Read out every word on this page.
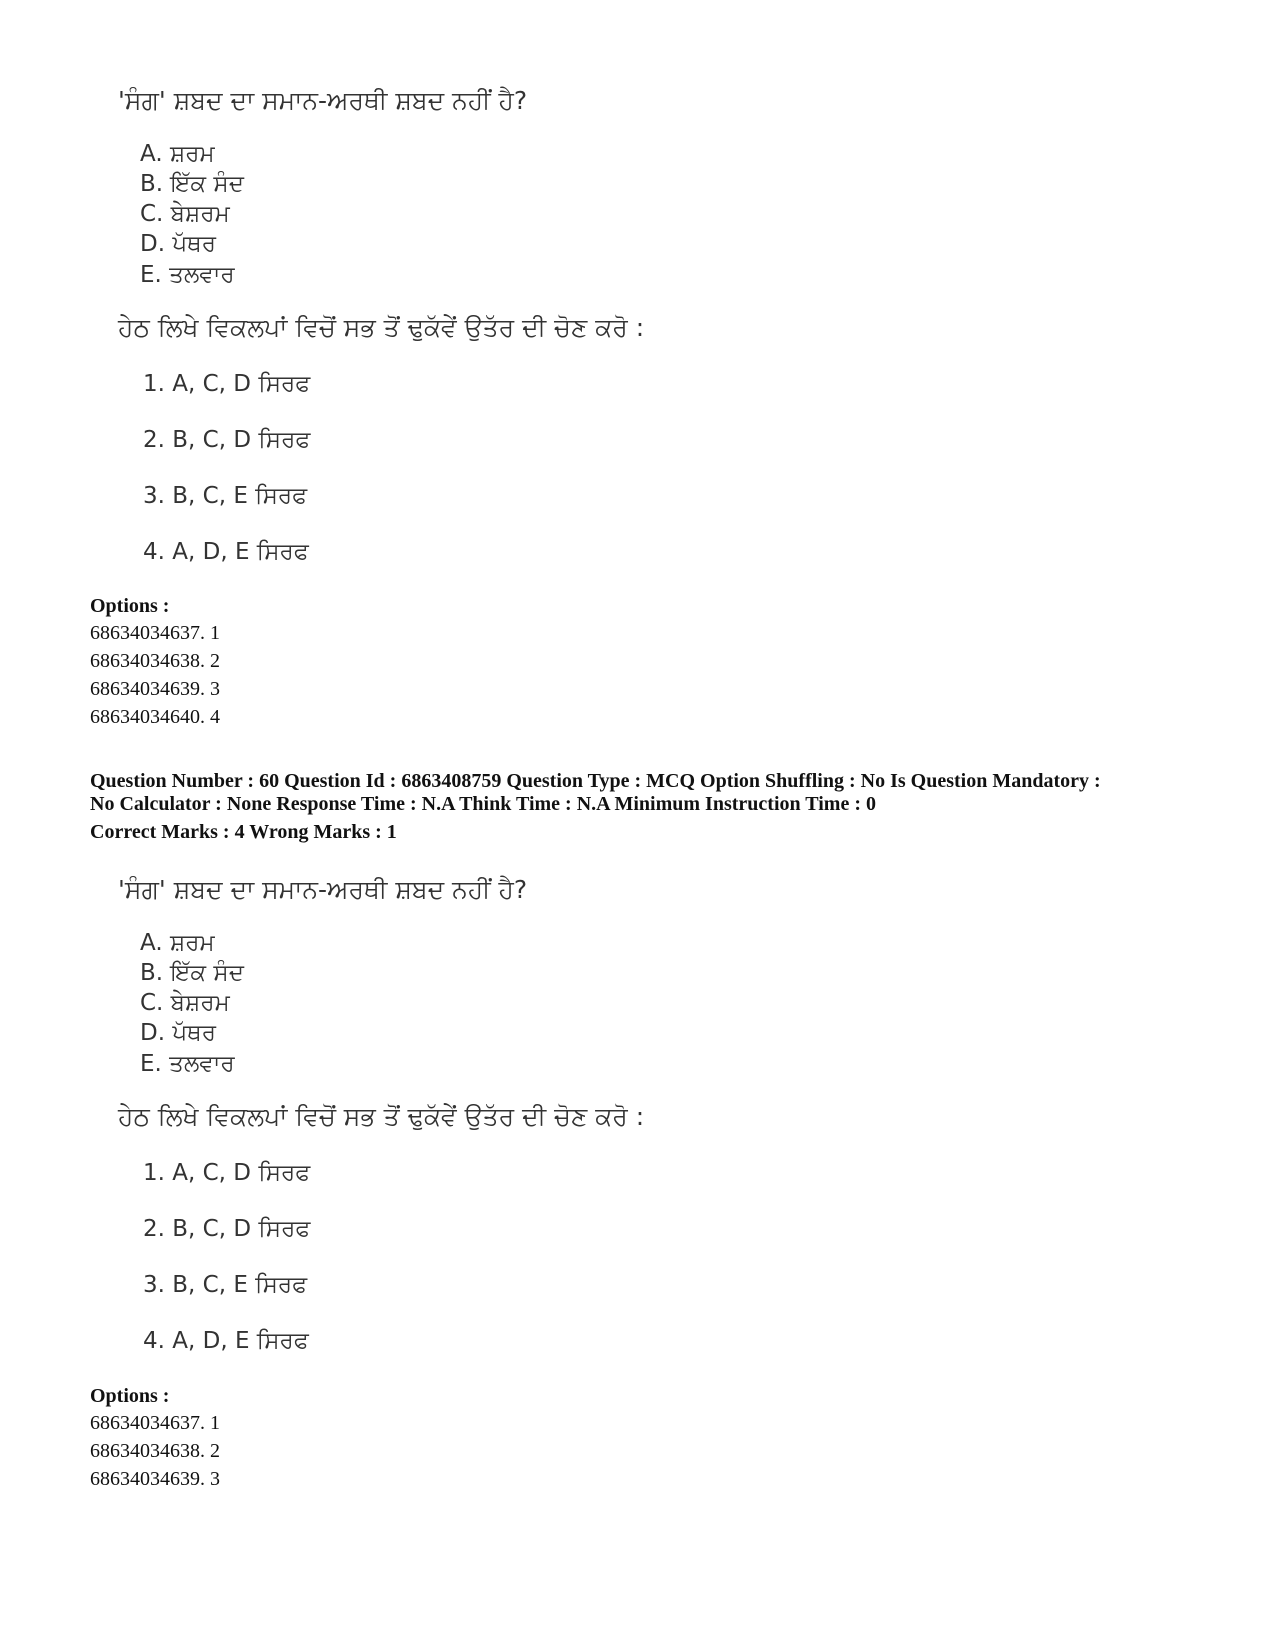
'ਸੰਗ' ਸ਼ਬਦ ਦਾ ਸਮਾਨ-ਅਰਥੀ ਸ਼ਬਦ ਨਹੀਂ ਹੈ?
A. ਸ਼ਰਮ
B. ਇੱਕ ਸੰਦ
C. ਬੇਸ਼ਰਮ
D. ਪੱਥਰ
E. ਤਲਵਾਰ
ਹੇਠ ਲਿਖੇ ਵਿਕਲਪਾਂ ਵਿਚੋਂ ਸਭ ਤੋਂ ਢੁਕੱਵੇਂ ਉਤੱਰ ਦੀ ਚੋਣ ਕਰੋ :
1. A, C, D ਸਿਰਫ
2. B, C, D ਸਿਰਫ
3. B, C, E ਸਿਰਫ
4. A, D, E ਸਿਰਫ
Options :
68634034637. 1
68634034638. 2
68634034639. 3
68634034640. 4
Question Number : 60 Question Id : 6863408759 Question Type : MCQ Option Shuffling : No Is Question Mandatory :
No Calculator : None Response Time : N.A Think Time : N.A Minimum Instruction Time : 0
Correct Marks : 4 Wrong Marks : 1
'ਸੰਗ' ਸ਼ਬਦ ਦਾ ਸਮਾਨ-ਅਰਥੀ ਸ਼ਬਦ ਨਹੀਂ ਹੈ?
A. ਸ਼ਰਮ
B. ਇੱਕ ਸੰਦ
C. ਬੇਸ਼ਰਮ
D. ਪੱਥਰ
E. ਤਲਵਾਰ
ਹੇਠ ਲਿਖੇ ਵਿਕਲਪਾਂ ਵਿਚੋਂ ਸਭ ਤੋਂ ਢੁਕੱਵੇਂ ਉਤੱਰ ਦੀ ਚੋਣ ਕਰੋ :
1. A, C, D ਸਿਰਫ
2. B, C, D ਸਿਰਫ
3. B, C, E ਸਿਰਫ
4. A, D, E ਸਿਰਫ
Options :
68634034637. 1
68634034638. 2
68634034639. 3
